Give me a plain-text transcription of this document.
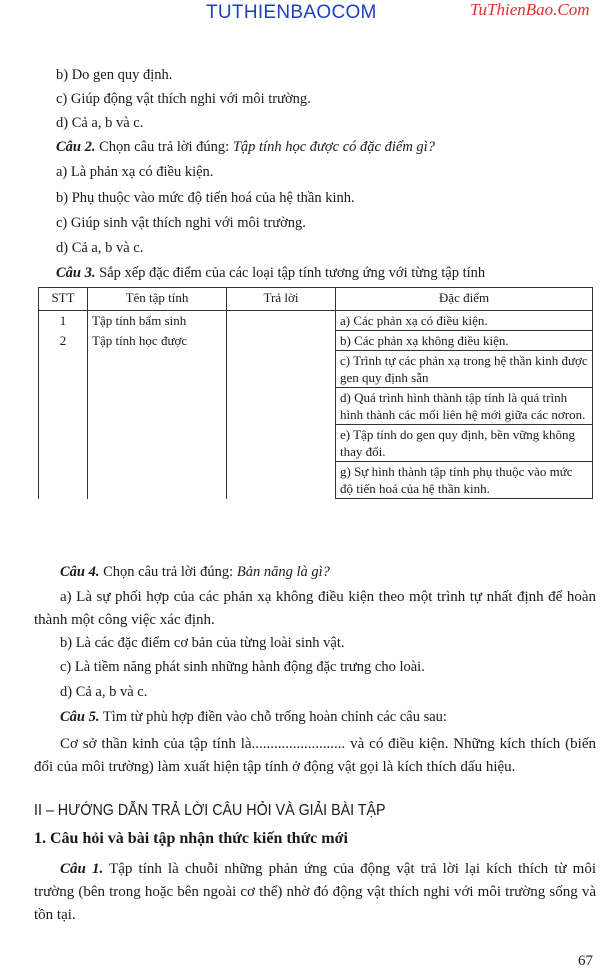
TUTHIENBAOCOM	TuThienBao.Com
b) Do gen quy định.
c) Giúp động vật thích nghi với môi trường.
d) Cả a, b và c.
Câu 2. Chọn câu trả lời đúng: Tập tính học được có đặc điểm gì?
a) Là phản xạ có điều kiện.
b) Phụ thuộc vào mức độ tiến hoá của hệ thần kinh.
c) Giúp sinh vật thích nghi với môi trường.
d) Cả a, b và c.
Câu 3. Sắp xếp đặc điểm của các loại tập tính tương ứng với từng tập tính
STT	Tên tập tính	Trả lời	Đặc điểm
1	Tập tính bẩm sinh		a) Các phản xạ có điều kiện.
2	Tập tính học được		b) Các phản xạ không điều kiện.
			c) Trình tự các phản xạ trong hệ thần kinh được gen quy định sẵn
			d) Quá trình hình thành tập tính là quá trình hình thành các mối liên hệ mới giữa các nơron.
			e) Tập tính do gen quy định, bền vững không thay đổi.
			g) Sự hình thành tập tính phụ thuộc vào mức độ tiến hoá của hệ thần kinh.
Câu 4. Chọn câu trả lời đúng: Bản năng là gì?
a) Là sự phối hợp của các phản xạ không điều kiện theo một trình tự nhất định để hoàn thành một công việc xác định.
b) Là các đặc điểm cơ bản của từng loài sinh vật.
c) Là tiềm năng phát sinh những hành động đặc trưng cho loài.
d) Cả a, b và c.
Câu 5. Tìm từ phù hợp điền vào chỗ trống hoàn chỉnh các câu sau:
Cơ sở thần kinh của tập tính là......................... và có điều kiện. Những kích thích (biến đổi của môi trường) làm xuất hiện tập tính ở động vật gọi là kích thích dấu hiệu.
II – HƯỚNG DẪN TRẢ LỜI CÂU HỎI VÀ GIẢI BÀI TẬP
1. Câu hỏi và bài tập nhận thức kiến thức mới
Câu 1. Tập tính là chuỗi những phản ứng của động vật trả lời lại kích thích từ môi trường (bên trong hoặc bên ngoài cơ thể) nhờ đó động vật thích nghi với môi trường sống và tồn tại.
67
